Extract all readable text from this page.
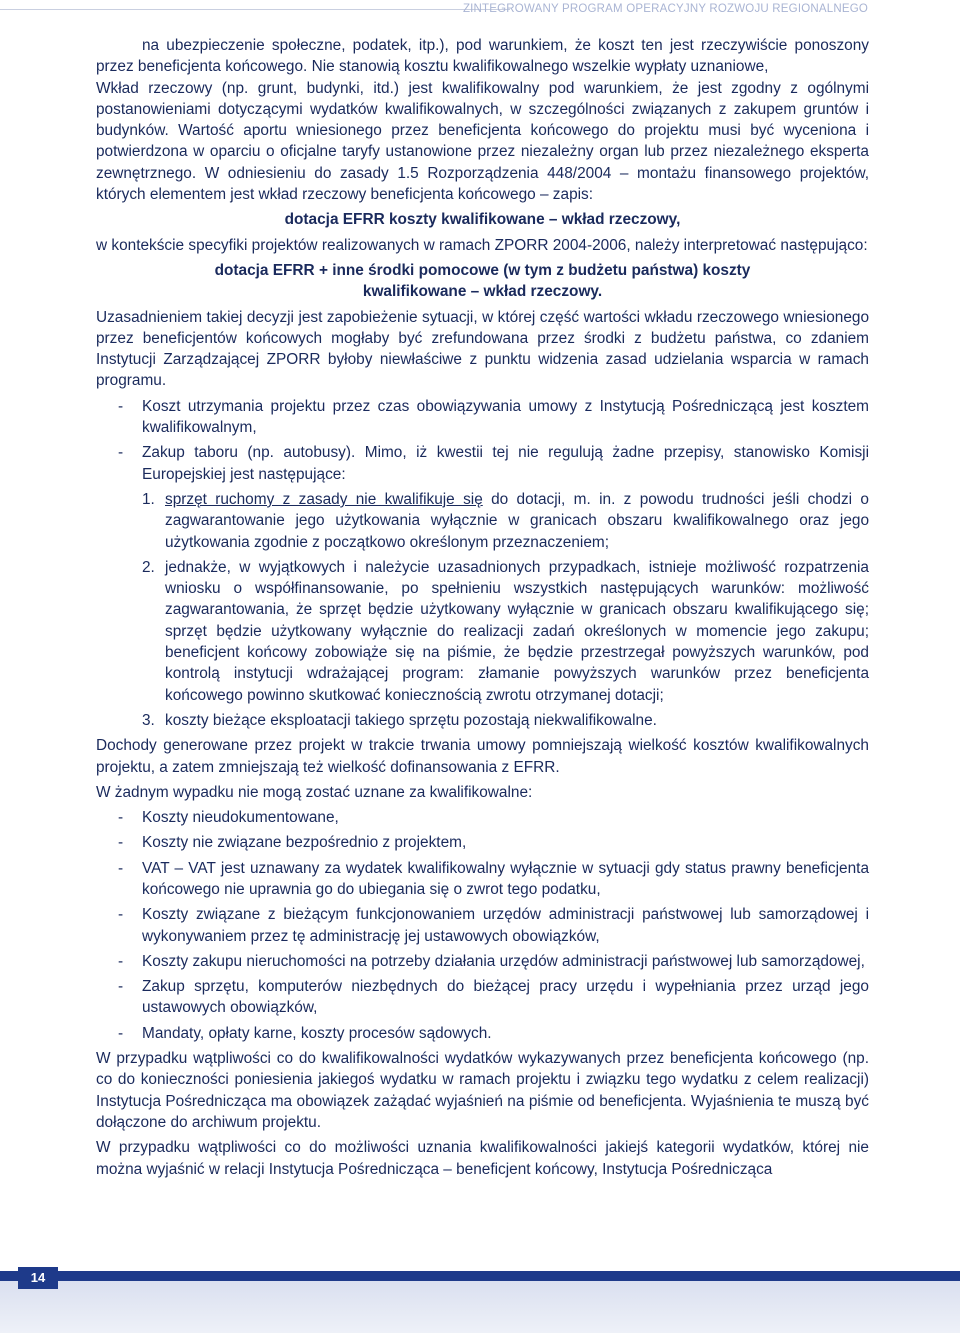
ZINTEGROWANY PROGRAM OPERACYJNY ROZWOJU REGIONALNEGO

na ubezpieczenie społeczne, podatek, itp.), pod warunkiem, że koszt ten jest rzeczywiście ponoszony przez beneficjenta końcowego. Nie stanowią kosztu kwalifikowalnego wszelkie wypłaty uznaniowe,

Wkład rzeczowy (np. grunt, budynki, itd.) jest kwalifikowalny pod warunkiem, że jest zgodny z ogólnymi postanowieniami dotyczącymi wydatków kwalifikowalnych, w szczególności związanych z zakupem gruntów i budynków. Wartość aportu wniesionego przez beneficjenta końcowego do projektu musi być wyceniona i potwierdzona w oparciu o oficjalne taryfy ustanowione przez niezależny organ lub przez niezależnego eksperta zewnętrznego. W odniesieniu do zasady 1.5 Rozporządzenia 448/2004 – montażu finansowego projektów, których elementem jest wkład rzeczowy beneficjenta końcowego – zapis:

dotacja EFRR koszty kwalifikowane – wkład rzeczowy,

w kontekście specyfiki projektów realizowanych w ramach ZPORR 2004-2006, należy interpretować następująco:

dotacja EFRR + inne środki pomocowe (w tym z budżetu państwa) koszty kwalifikowane – wkład rzeczowy.

Uzasadnieniem takiej decyzji jest zapobieżenie sytuacji, w której część wartości wkładu rzeczowego wniesionego przez beneficjentów końcowych mogłaby być zrefundowana przez środki z budżetu państwa, co zdaniem Instytucji Zarządzającej ZPORR byłoby niewłaściwe z punktu widzenia zasad udzielania wsparcia w ramach programu.

- Koszt utrzymania projektu przez czas obowiązywania umowy z Instytucją Pośredniczącą jest kosztem kwalifikowalnym,
- Zakup taboru (np. autobusy). Mimo, iż kwestii tej nie regulują żadne przepisy, stanowisko Komisji Europejskiej jest następujące:
1. sprzęt ruchomy z zasady nie kwalifikuje się do dotacji, m. in. z powodu trudności jeśli chodzi o zagwarantowanie jego użytkowania wyłącznie w granicach obszaru kwalifikowalnego oraz jego użytkowania zgodnie z początkowo określonym przeznaczeniem;
2. jednakże, w wyjątkowych i należycie uzasadnionych przypadkach, istnieje możliwość rozpatrzenia wniosku o współfinansowanie, po spełnieniu wszystkich następujących warunków: możliwość zagwarantowania, że sprzęt będzie użytkowany wyłącznie w granicach obszaru kwalifikującego się; sprzęt będzie użytkowany wyłącznie do realizacji zadań określonych w momencie jego zakupu; beneficjent końcowy zobowiąże się na piśmie, że będzie przestrzegał powyższych warunków, pod kontrolą instytucji wdrażającej program: złamanie powyższych warunków przez beneficjenta końcowego powinno skutkować koniecznością zwrotu otrzymanej dotacji;
3. koszty bieżące eksploatacji takiego sprzętu pozostają niekwalifikowalne.

Dochody generowane przez projekt w trakcie trwania umowy pomniejszają wielkość kosztów kwalifikowalnych projektu, a zatem zmniejszają też wielkość dofinansowania z EFRR.

W żadnym wypadku nie mogą zostać uznane za kwalifikowalne:

- Koszty nieudokumentowane,
- Koszty nie związane bezpośrednio z projektem,
- VAT – VAT jest uznawany za wydatek kwalifikowalny wyłącznie w sytuacji gdy status prawny beneficjenta końcowego nie uprawnia go do ubiegania się o zwrot tego podatku,
- Koszty związane z bieżącym funkcjonowaniem urzędów administracji państwowej lub samorządowej i wykonywaniem przez tę administrację jej ustawowych obowiązków,
- Koszty zakupu nieruchomości na potrzeby działania urzędów administracji państwowej lub samorządowej,
- Zakup sprzętu, komputerów niezbędnych do bieżącej pracy urzędu i wypełniania przez urząd jego ustawowych obowiązków,
- Mandaty, opłaty karne, koszty procesów sądowych.

W przypadku wątpliwości co do kwalifikowalności wydatków wykazywanych przez beneficjenta końcowego (np. co do konieczności poniesienia jakiegoś wydatku w ramach projektu i związku tego wydatku z celem realizacji) Instytucja Pośrednicząca ma obowiązek zażądać wyjaśnień na piśmie od beneficjenta. Wyjaśnienia te muszą być dołączone do archiwum projektu.

W przypadku wątpliwości co do możliwości uznania kwalifikowalności jakiejś kategorii wydatków, której nie można wyjaśnić w relacji Instytucja Pośrednicząca – beneficjent końcowy, Instytucja Pośrednicząca

14
